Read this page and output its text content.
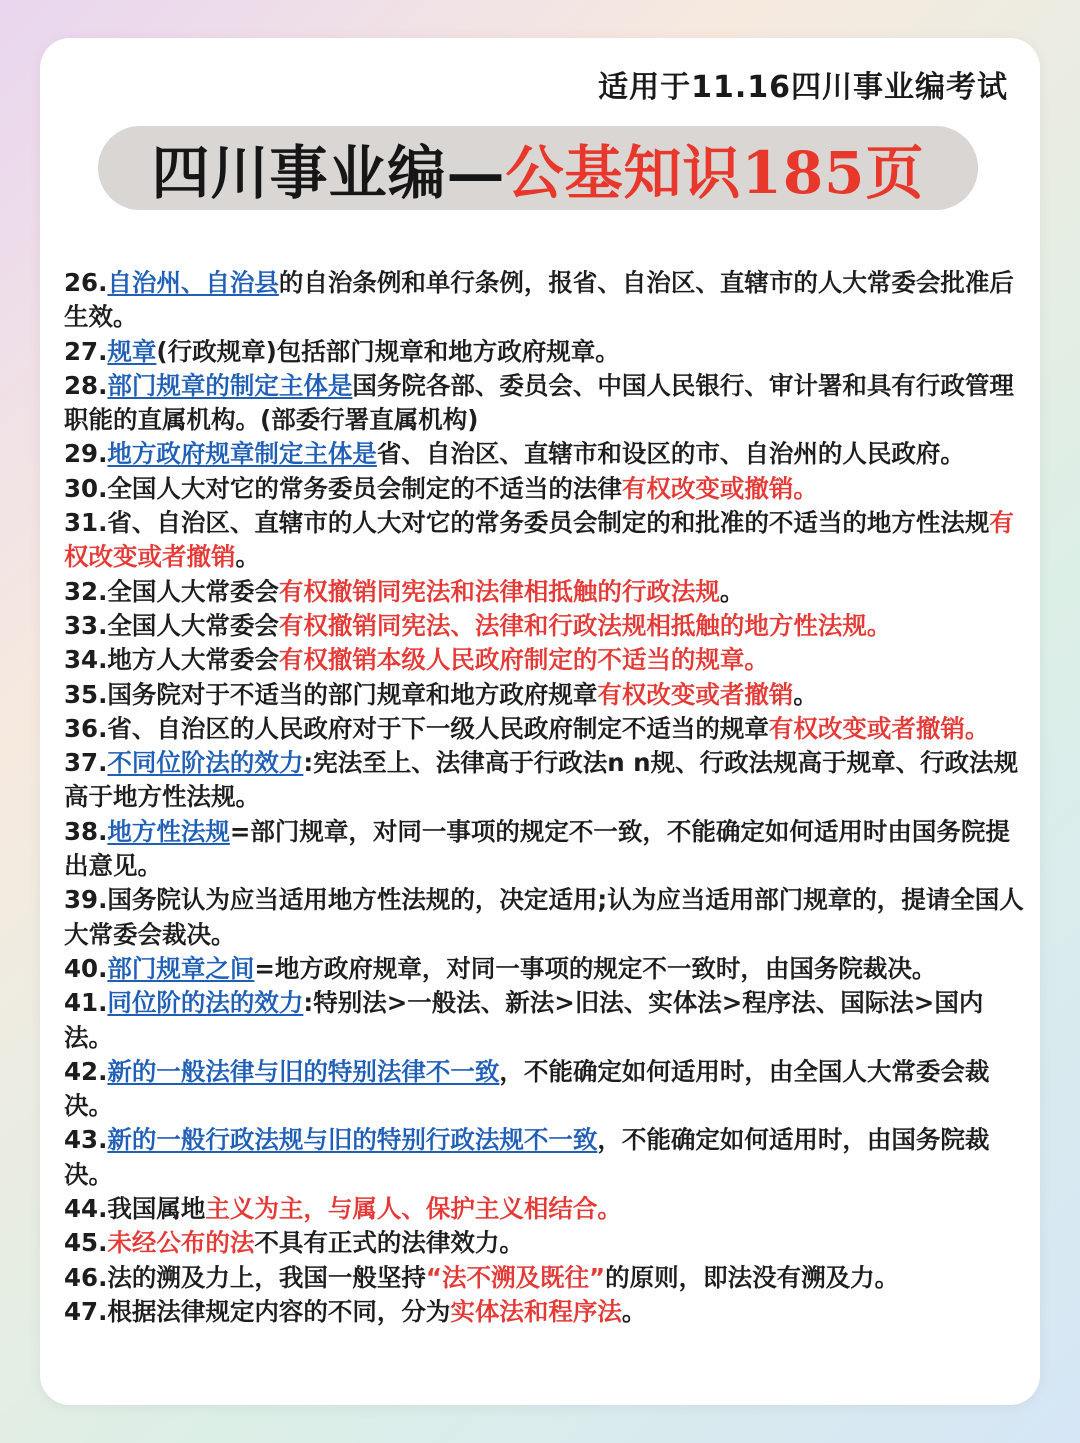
适用于11.16四川事业编考试
四川事业编— 公基知识185页

26.自治州、自治县的自治条例和单行条例，报省、自治区、直辖市的人大常委会批准后生效。

27.规章(行政规章)包括部门规章和地方政府规章。

28.部门规章的制定主体是国务院各部、委员会、中国人民银行、审计署和具有行政管理职能的直属机构。(部委行署直属机构)

29.地方政府规章制定主体是省、自治区、直辖市和设区的市、自治州的人民政府。

30.全国人大对它的常务委员会制定的不适当的法律有权改变或撤销。

31.省、自治区、直辖市的人大对它的常务委员会制定的和批准的不适当的地方性法规有权改变或者撤销。

32.全国人大常委会有权撤销同宪法和法律相抵触的行政法规。

33.全国人大常委会有权撤销同宪法、法律和行政法规相抵触的地方性法规。

34.地方人大常委会有权撤销本级人民政府制定的不适当的规章。

35.国务院对于不适当的部门规章和地方政府规章有权改变或者撤销。

36.省、自治区的人民政府对于下一级人民政府制定不适当的规章有权改变或者撤销。

37.不同位阶法的效力:宪法至上、法律高于行政法n n规、行政法规高于规章、行政法规高于地方性法规。

38.地方性法规=部门规章，对同一事项的规定不一致，不能确定如何适用时由国务院提出意见。

39.国务院认为应当适用地方性法规的，决定适用;认为应当适用部门规章的，提请全国人大常委会裁决。

40.部门规章之间=地方政府规章，对同一事项的规定不一致时，由国务院裁决。

41.同位阶的法的效力:特别法>一般法、新法>旧法、实体法>程序法、国际法>国内法。

42.新的一般法律与旧的特别法律不一致，不能确定如何适用时，由全国人大常委会裁决。

43.新的一般行政法规与旧的特别行政法规不一致，不能确定如何适用时，由国务院裁决。

44.我国属地主义为主，与属人、保护主义相结合。

45.未经公布的法不具有正式的法律效力。

46.法的溯及力上，我国一般坚持“法不溯及既往”的原则，即法没有溯及力。

47.根据法律规定内容的不同，分为实体法和程序法。
